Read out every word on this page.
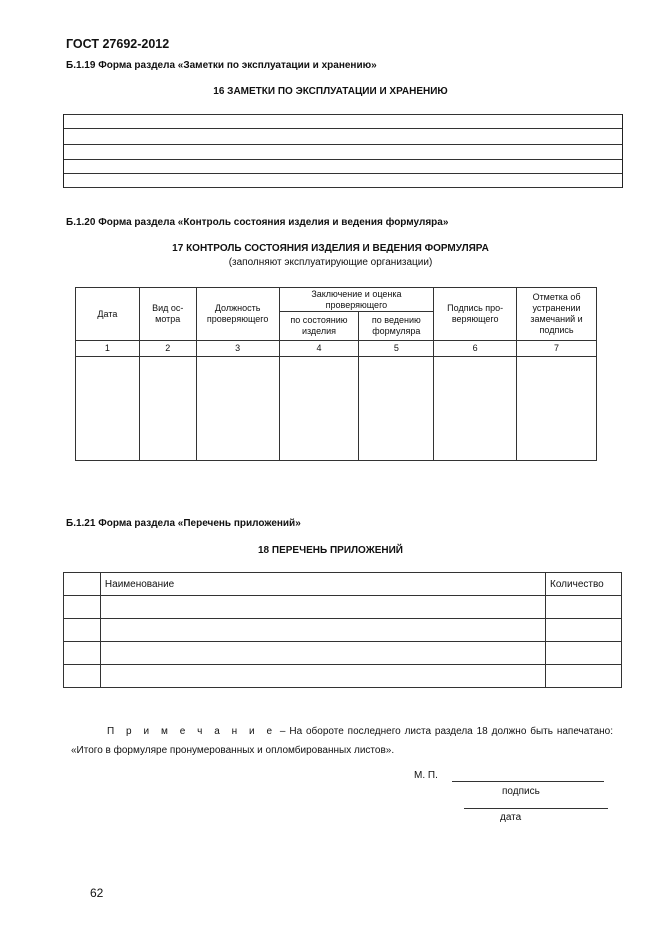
ГОСТ 27692-2012
Б.1.19 Форма раздела «Заметки по эксплуатации и хранению»
16 ЗАМЕТКИ ПО ЭКСПЛУАТАЦИИ И ХРАНЕНИЮ
Б.1.20 Форма раздела «Контроль состояния изделия и ведения формуляра»
17 КОНТРОЛЬ СОСТОЯНИЯ ИЗДЕЛИЯ И ВЕДЕНИЯ ФОРМУЛЯРА
(заполняют эксплуатирующие организации)
Дата	Вид ос-мотра	Должность проверяющего	Заключение и оценка проверяющего		Подпись про-веряющего	Отметка об устранении замечаний и подпись
			по состоянию изделия	по ведению формуляра		
1	2	3	4	5	6	7

Б.1.21 Форма раздела «Перечень приложений»
18 ПЕРЕЧЕНЬ ПРИЛОЖЕНИЙ
	Наименование	Количество

П р и м е ч а н и е – На обороте последнего листа раздела 18 должно быть напечатано: «Итого в формуляре пронумерованных и опломбированных листов».
М. П.
подпись
дата
62
